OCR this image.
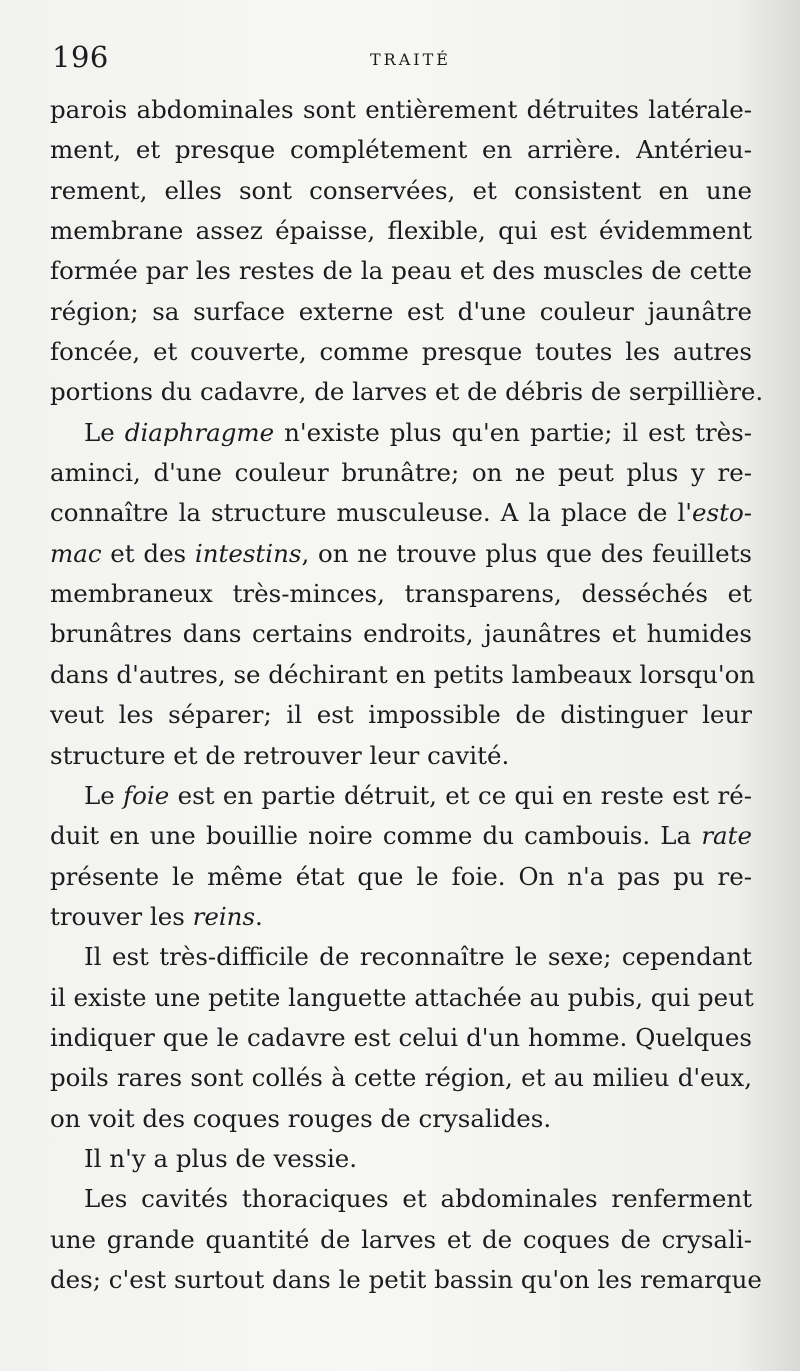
196	TRAITÉ
parois abdominales sont entièrement détruites latérale-
ment, et presque complétement en arrière. Antérieu-
rement, elles sont conservées, et consistent en une
membrane assez épaisse, flexible, qui est évidemment
formée par les restes de la peau et des muscles de cette
région; sa surface externe est d'une couleur jaunâtre
foncée, et couverte, comme presque toutes les autres
portions du cadavre, de larves et de débris de serpillière.
Le diaphragme n'existe plus qu'en partie; il est très-
aminci, d'une couleur brunâtre; on ne peut plus y re-
connaître la structure musculeuse. A la place de l'esto-
mac et des intestins, on ne trouve plus que des feuillets
membraneux très-minces, transparens, desséchés et
brunâtres dans certains endroits, jaunâtres et humides
dans d'autres, se déchirant en petits lambeaux lorsqu'on
veut les séparer; il est impossible de distinguer leur
structure et de retrouver leur cavité.
Le foie est en partie détruit, et ce qui en reste est ré-
duit en une bouillie noire comme du cambouis. La rate
présente le même état que le foie. On n'a pas pu re-
trouver les reins.
Il est très-difficile de reconnaître le sexe; cependant
il existe une petite languette attachée au pubis, qui peut
indiquer que le cadavre est celui d'un homme. Quelques
poils rares sont collés à cette région, et au milieu d'eux,
on voit des coques rouges de crysalides.
Il n'y a plus de vessie.
Les cavités thoraciques et abdominales renferment
une grande quantité de larves et de coques de crysali-
des; c'est surtout dans le petit bassin qu'on les remarque
